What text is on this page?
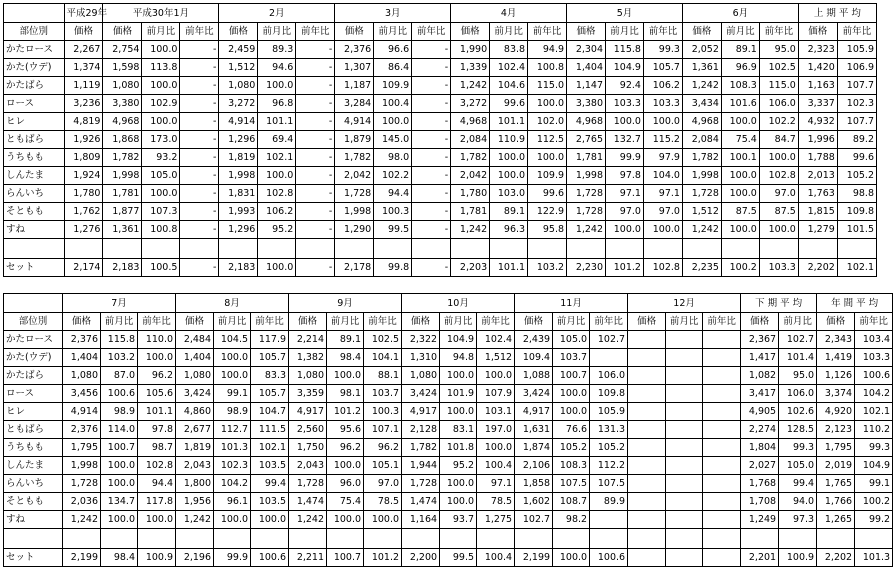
	平成29年	平成30年1月			2月			3月			4月			5月			6月			上 期 平 均	
部位別	価格	価格	前月比	前年比	価格	前月比	前年比	価格	前月比	前年比	価格	前月比	前年比	価格	前月比	前年比	価格	前月比	前年比	価格	前年比
かたロース	2,267	2,754	100.0	-	2,459	89.3	-	2,376	96.6	-	1,990	83.8	94.9	2,304	115.8	99.3	2,052	89.1	95.0	2,323	105.9
かた(ウデ)	1,374	1,598	113.8	-	1,512	94.6	-	1,307	86.4	-	1,339	102.4	100.8	1,404	104.9	105.7	1,361	96.9	102.5	1,420	106.9
かたばら	1,119	1,080	100.0	-	1,080	100.0	-	1,187	109.9	-	1,242	104.6	115.0	1,147	92.4	106.2	1,242	108.3	115.0	1,163	107.7
ロース	3,236	3,380	102.9	-	3,272	96.8	-	3,284	100.4	-	3,272	99.6	100.0	3,380	103.3	103.3	3,434	101.6	106.0	3,337	102.3
ヒレ	4,819	4,968	100.0	-	4,914	101.1	-	4,914	100.0	-	4,968	101.1	102.0	4,968	100.0	100.0	4,968	100.0	102.2	4,932	107.7
ともばら	1,926	1,868	173.0	-	1,296	69.4	-	1,879	145.0	-	2,084	110.9	112.5	2,765	132.7	115.2	2,084	75.4	84.7	1,996	89.2
うちもも	1,809	1,782	93.2	-	1,819	102.1	-	1,782	98.0	-	1,782	100.0	100.0	1,781	99.9	97.9	1,782	100.1	100.0	1,788	99.6
しんたま	1,924	1,998	105.0	-	1,998	100.0	-	2,042	102.2	-	2,042	100.0	109.9	1,998	97.8	104.0	1,998	100.0	102.8	2,013	105.2
らんいち	1,780	1,781	100.0	-	1,831	102.8	-	1,728	94.4	-	1,780	103.0	99.6	1,728	97.1	97.1	1,728	100.0	97.0	1,763	98.8
そともも	1,762	1,877	107.3	-	1,993	106.2	-	1,998	100.3	-	1,781	89.1	122.9	1,728	97.0	97.0	1,512	87.5	87.5	1,815	109.8
すね	1,276	1,361	100.8	-	1,296	95.2	-	1,290	99.5	-	1,242	96.3	95.8	1,242	100.0	100.0	1,242	100.0	100.0	1,279	101.5

セット	2,174	2,183	100.5	-	2,183	100.0	-	2,178	99.8	-	2,203	101.1	103.2	2,230	101.2	102.8	2,235	100.2	103.3	2,202	102.1
	7月			8月			9月			10月			11月			12月			下 期 平 均		年 間 平 均	
部位別	価格	前月比	前年比	価格	前月比	前年比	価格	前月比	前年比	価格	前月比	前年比	価格	前月比	前年比	価格	前月比	前年比	価格	前月比	価格	前年比
かたロース	2,376	115.8	110.0	2,484	104.5	117.9	2,214	89.1	102.5	2,322	104.9	102.4	2,439	105.0	102.7				2,367	102.7	2,343	103.4
かた(ウデ)	1,404	103.2	100.0	1,404	100.0	105.7	1,382	98.4	104.1	1,310	94.8	1,512	109.4	103.7					1,417	101.4	1,419	103.3
かたばら	1,080	87.0	96.2	1,080	100.0	83.3	1,080	100.0	88.1	1,080	100.0	100.0	1,088	100.7	106.0				1,082	95.0	1,126	100.6
ロース	3,456	100.6	105.6	3,424	99.1	105.7	3,359	98.1	103.7	3,424	101.9	107.9	3,424	100.0	109.8				3,417	106.0	3,374	104.2
ヒレ	4,914	98.9	101.1	4,860	98.9	104.7	4,917	101.2	100.3	4,917	100.0	103.1	4,917	100.0	105.9				4,905	102.6	4,920	102.1
ともばら	2,376	114.0	97.8	2,677	112.7	111.5	2,560	95.6	107.1	2,128	83.1	197.0	1,631	76.6	131.3				2,274	128.5	2,123	110.2
うちもも	1,795	100.7	98.7	1,819	101.3	102.1	1,750	96.2	96.2	1,782	101.8	100.0	1,874	105.2	105.2				1,804	99.3	1,795	99.3
しんたま	1,998	100.0	102.8	2,043	102.3	103.5	2,043	100.0	105.1	1,944	95.2	100.4	2,106	108.3	112.2				2,027	105.0	2,019	104.9
らんいち	1,728	100.0	94.4	1,800	104.2	99.4	1,728	96.0	97.0	1,728	100.0	97.1	1,858	107.5	107.5				1,768	99.4	1,765	99.1
そともも	2,036	134.7	117.8	1,956	96.1	103.5	1,474	75.4	78.5	1,474	100.0	78.5	1,602	108.7	89.9				1,708	94.0	1,766	100.2
すね	1,242	100.0	100.0	1,242	100.0	100.0	1,242	100.0	100.0	1,164	93.7	1,275	102.7	98.2					1,249	97.3	1,265	99.2

セット	2,199	98.4	100.9	2,196	99.9	100.6	2,211	100.7	101.2	2,200	99.5	100.4	2,199	100.0	100.6				2,201	100.9	2,202	101.3
